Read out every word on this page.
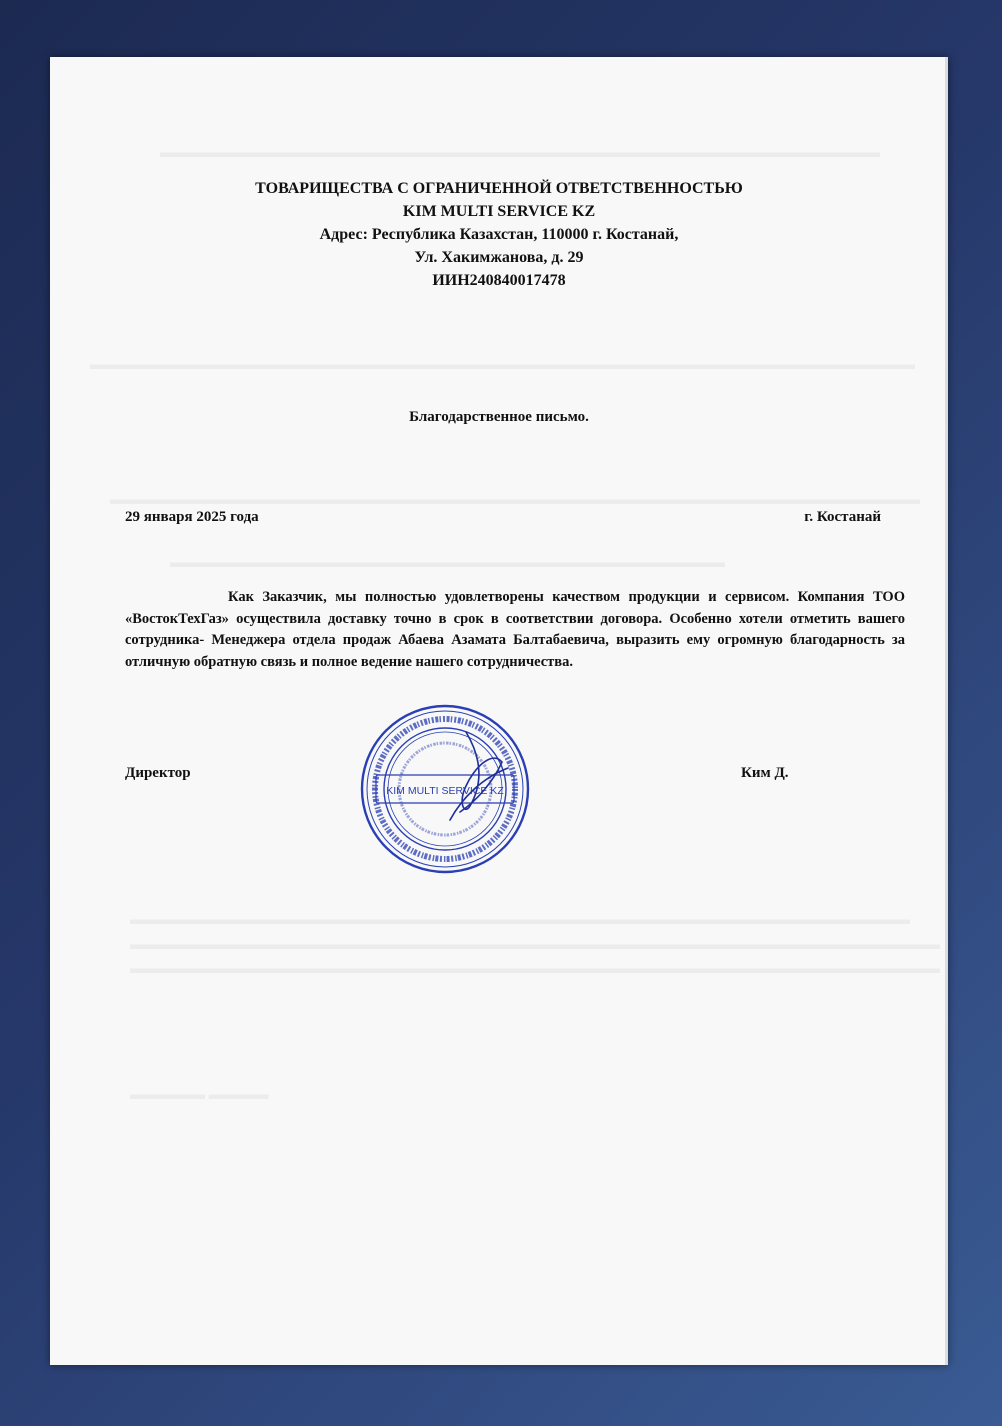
▬▬▬▬▬▬▬▬▬▬▬▬▬▬▬▬▬▬▬▬▬▬▬▬▬▬▬▬▬▬▬▬▬▬▬▬▬▬▬▬▬▬▬▬▬▬▬▬
▬▬▬▬▬▬▬▬▬▬▬▬▬▬▬▬▬▬▬▬▬▬▬▬▬▬▬▬▬▬▬▬▬▬▬▬▬▬▬▬▬▬▬▬▬▬▬▬▬▬▬▬▬▬▬
▬▬▬▬▬▬▬▬▬▬▬▬▬▬▬▬▬▬▬▬▬▬▬▬▬▬▬▬▬▬▬▬▬▬▬▬▬▬▬▬▬▬▬▬▬▬▬▬▬▬▬▬▬▬
▬▬▬▬▬▬▬▬▬▬▬▬▬▬▬▬▬▬▬▬▬▬▬▬▬▬▬▬▬▬▬▬▬▬▬▬▬
▬▬▬▬▬▬▬▬▬▬▬▬▬▬▬▬▬▬▬▬▬▬▬▬▬▬▬▬▬▬▬▬▬▬▬▬▬▬▬▬▬▬▬▬▬▬▬▬▬▬▬▬
▬▬▬▬▬▬▬▬▬▬▬▬▬▬▬▬▬▬▬▬▬▬▬▬▬▬▬▬▬▬▬▬▬▬▬▬▬▬▬▬▬▬▬▬▬▬▬▬▬▬▬▬▬▬
▬▬▬▬▬▬▬▬▬▬▬▬▬▬▬▬▬▬▬▬▬▬▬▬▬▬▬▬▬▬▬▬▬▬▬▬▬▬▬▬▬▬▬▬▬▬▬▬▬▬▬▬▬▬
▬▬▬▬▬ ▬▬▬▬
ТОВАРИЩЕСТВА С ОГРАНИЧЕННОЙ ОТВЕТСТВЕННОСТЬЮ
KIM MULTI SERVICE KZ
Адрес: Республика Казахстан, 110000 г. Костанай,
Ул. Хакимжанова, д. 29
ИИН240840017478
Благодарственное письмо.
29 января 2025 года	г. Костанай
Как Заказчик, мы полностью удовлетворены качеством продукции и сервисом. Компания ТОО «ВостокТехГаз» осуществила доставку точно в срок в соответствии договора. Особенно хотели отметить вашего сотрудника- Менеджера отдела продаж Абаева Азамата Балтабаевича, выразить ему огромную благодарность за отличную обратную связь и полное ведение нашего сотрудничества.
Директор	Ким Д.
KIM MULTI SERVICE KZ
